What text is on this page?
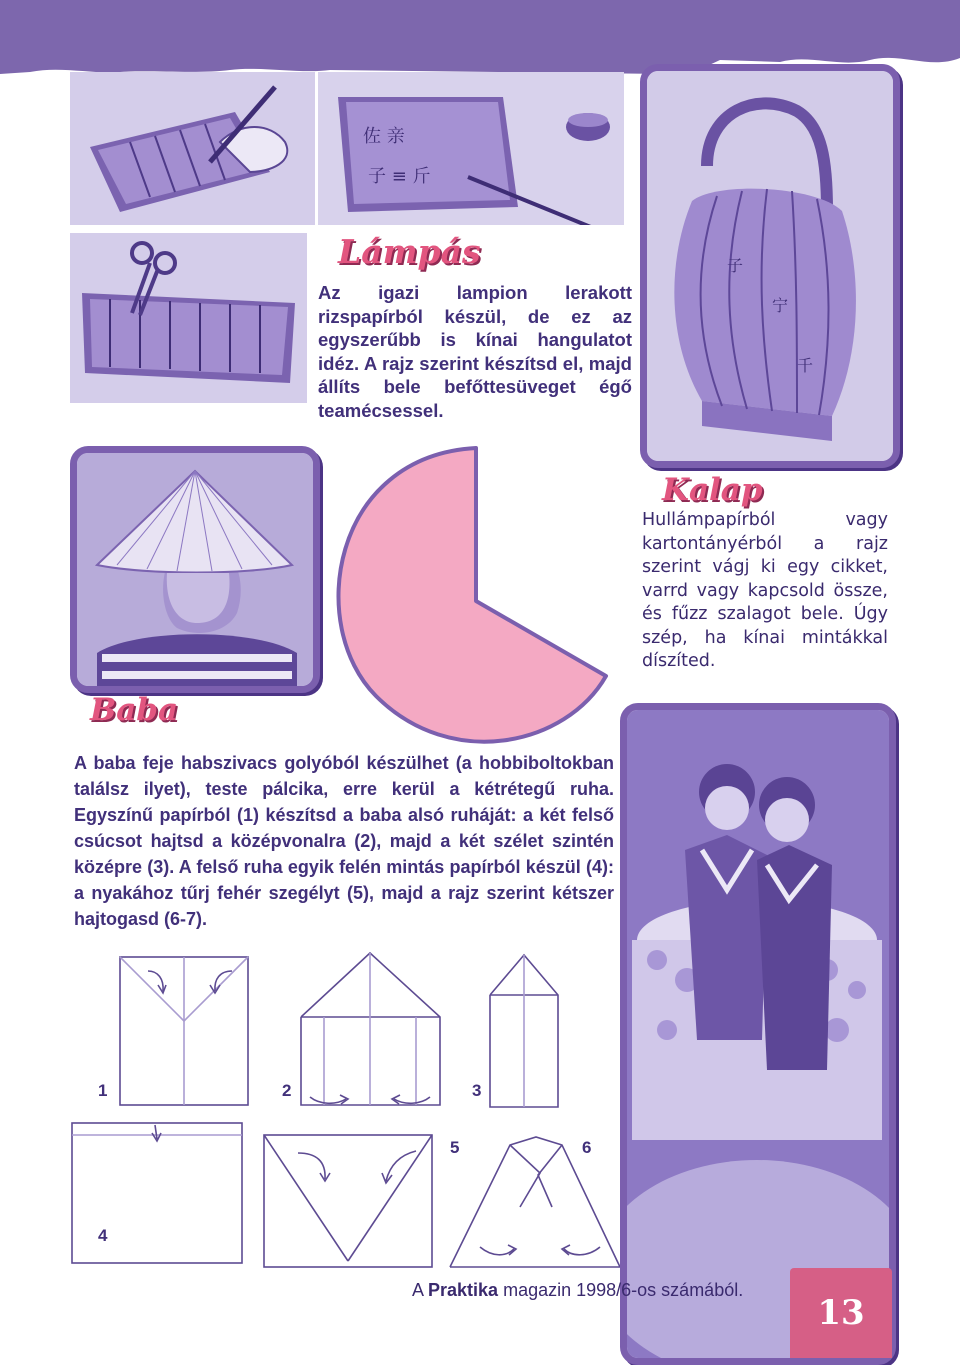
佐 亲
子 ≡ 斤
Lámpás
Az igazi lampion lerakott rizspapírból készül, de ez az egyszerűbb is kínai hangulatot idéz. A rajz szerint készítsd el, majd állíts bele befőttesüveget égő teamécsessel.
子
宁
千
Kalap
Hullámpapírból vagy kartontányérból a rajz szerint vágj ki egy cikket, varrd vagy kapcsold össze, és fűzz szalagot bele. Úgy szép, ha kínai mintákkal díszíted.
Baba
A baba feje habszivacs golyóból készülhet (a hobbiboltokban találsz ilyet), teste pálcika, erre kerül a kétrétegű ruha. Egyszínű papírból (1) készítsd a baba alsó ruháját: a két felső csúcsot hajtsd a középvonalra (2), majd a két szélet szintén középre (3). A felső ruha egyik felén mintás papírból készül (4): a nyakához tűrj fehér szegélyt (5), majd a rajz szerint kétszer hajtogasd (6-7).
1	2	3
4
5	6
A Praktika magazin 1998/6-os számából.
13
